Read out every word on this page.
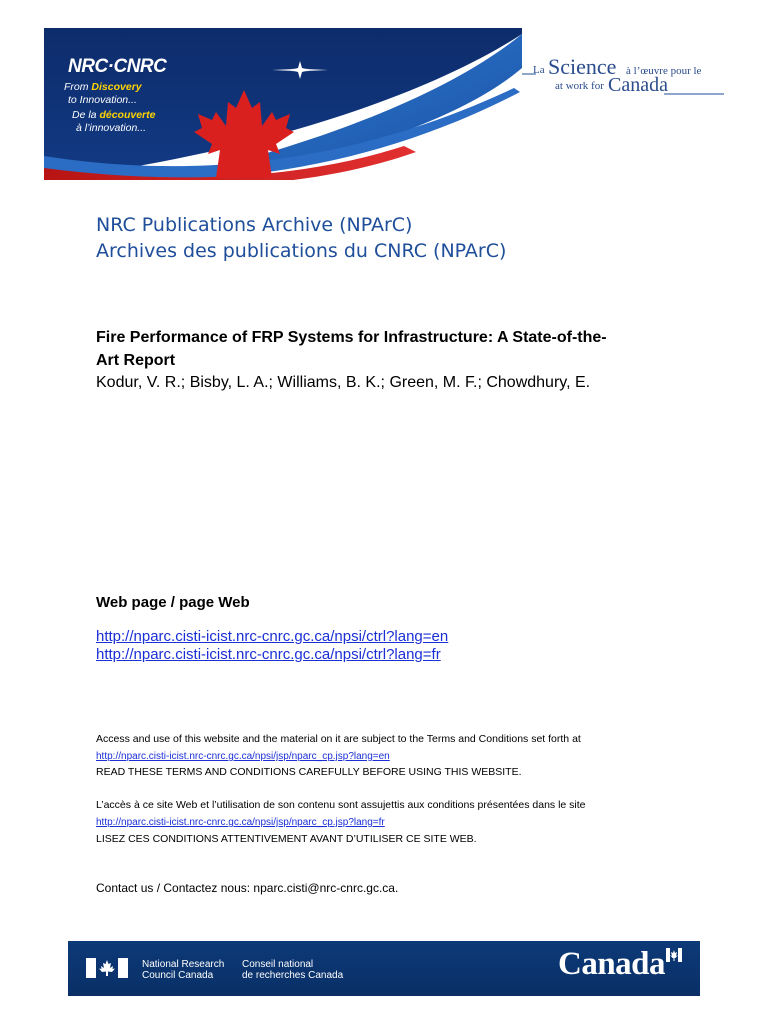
NRC·CNRC
From Discovery
to Innovation...
De la découverte
à l’innovation...
La Science à l’œuvre pour le
at work for Canada
NRC Publications Archive (NPArC)
Archives des publications du CNRC (NPArC)
Fire Performance of FRP Systems for Infrastructure: A State-of-the-
Art Report
Kodur, V. R.; Bisby, L. A.; Williams, B. K.; Green, M. F.; Chowdhury, E.
Web page / page Web
http://nparc.cisti-icist.nrc-cnrc.gc.ca/npsi/ctrl?lang=en
http://nparc.cisti-icist.nrc-cnrc.gc.ca/npsi/ctrl?lang=fr
Access and use of this website and the material on it are subject to the Terms and Conditions set forth at
http://nparc.cisti-icist.nrc-cnrc.gc.ca/npsi/jsp/nparc_cp.jsp?lang=en
READ THESE TERMS AND CONDITIONS CAREFULLY BEFORE USING THIS WEBSITE.
L’accès à ce site Web et l’utilisation de son contenu sont assujettis aux conditions présentées dans le site
http://nparc.cisti-icist.nrc-cnrc.gc.ca/npsi/jsp/nparc_cp.jsp?lang=fr
LISEZ CES CONDITIONS ATTENTIVEMENT AVANT D’UTILISER CE SITE WEB.
Contact us / Contactez nous: nparc.cisti@nrc-cnrc.gc.ca.
National Research
Council Canada
Conseil national
de recherches Canada	Canada
